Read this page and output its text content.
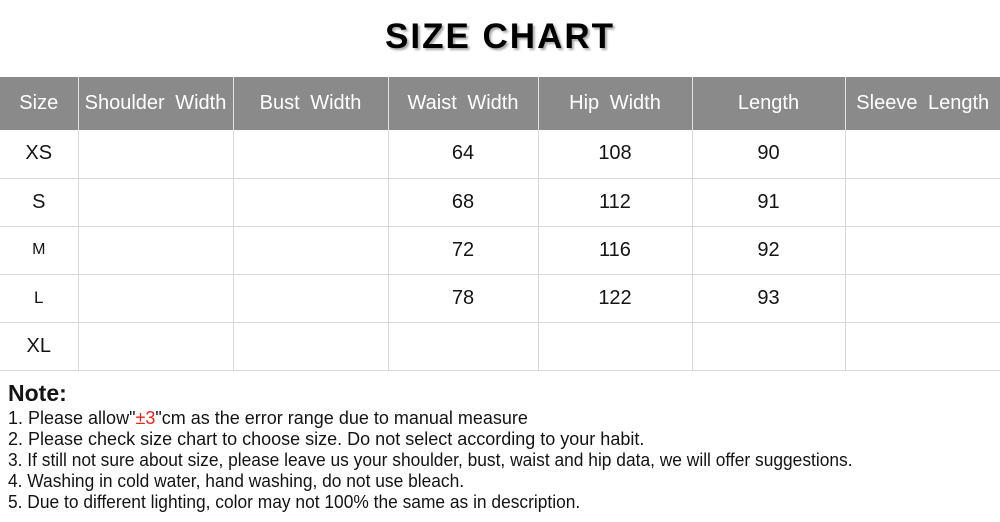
SIZE CHART
Size	Shoulder Width	Bust Width	Waist Width	Hip Width	Length	Sleeve Length
XS			64	108	90	
S			68	112	91	
M			72	116	92	
L			78	122	93	
XL						
Note:
1. Please allow"±3"cm as the error range due to manual measure
2. Please check size chart to choose size. Do not select according to your habit.
3. If still not sure about size, please leave us your shoulder, bust, waist and hip data, we will offer suggestions.
4. Washing in cold water, hand washing, do not use bleach.
5. Due to different lighting, color may not 100% the same as in description.
